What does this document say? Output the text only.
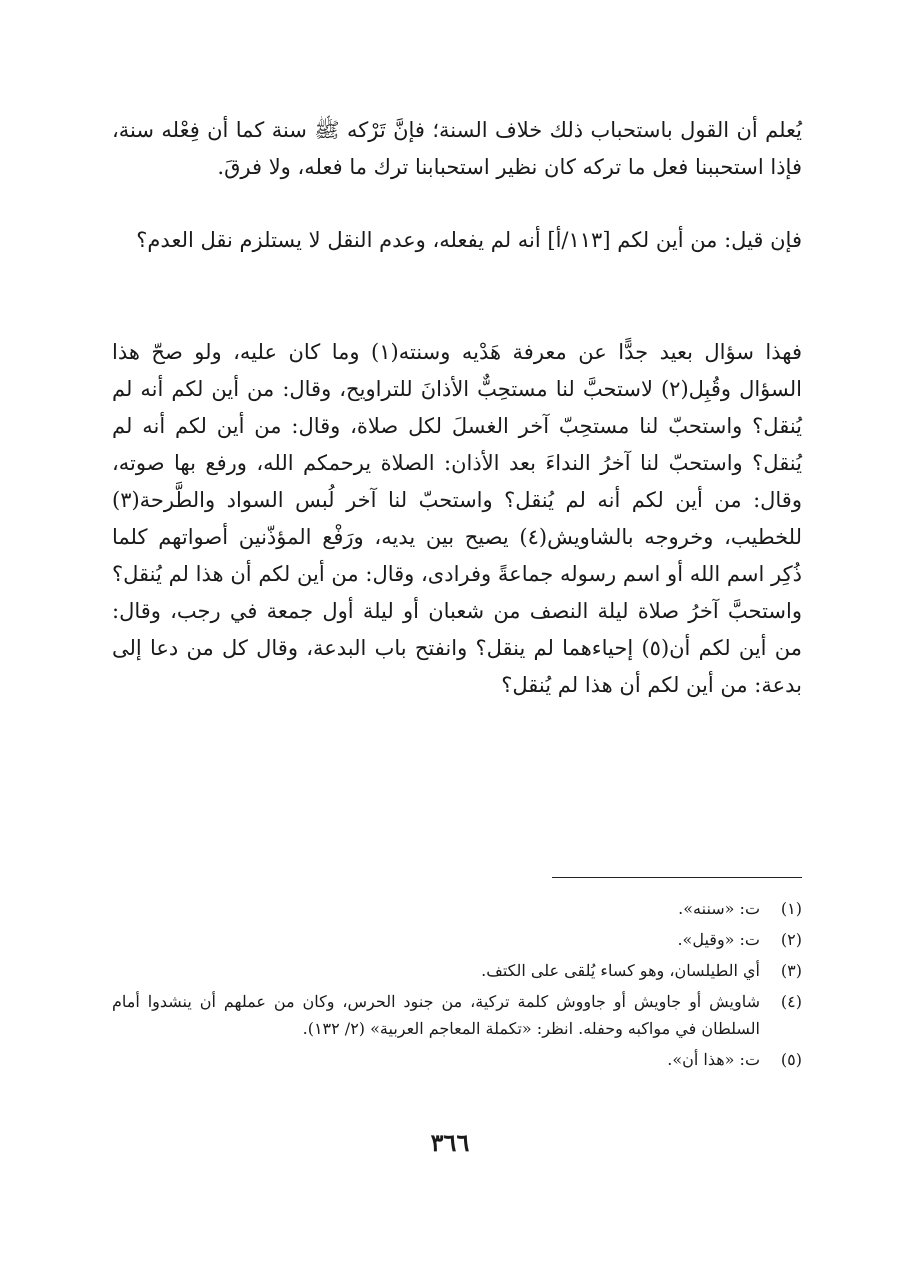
يُعلم أن القول باستحباب ذلك خلاف السنة؛ فإنَّ تَرْكه ﷺ سنة كما أن فِعْله سنة، فإذا استحببنا فعل ما تركه كان نظير استحبابنا ترك ما فعله، ولا فرقَ.

فإن قيل: من أين لكم [١١٣/أ] أنه لم يفعله، وعدم النقل لا يستلزم نقل العدم؟

فهذا سؤال بعيد جدًّا عن معرفة هَدْيه وسنته(١) وما كان عليه، ولو صحّ هذا السؤال وقُبِل(٢) لاستحبَّ لنا مستحِبٌّ الأذانَ للتراويح، وقال: من أين لكم أنه لم يُنقل؟ واستحبّ لنا مستحِبّ آخر الغسلَ لكل صلاة، وقال: من أين لكم أنه لم يُنقل؟ واستحبّ لنا آخرُ النداءَ بعد الأذان: الصلاة يرحمكم الله، ورفع بها صوته، وقال: من أين لكم أنه لم يُنقل؟ واستحبّ لنا آخر لُبس السواد والطَّرحة(٣) للخطيب، وخروجه بالشاويش(٤) يصيح بين يديه، ورَفْع المؤذّنين أصواتهم كلما ذُكِر اسم الله أو اسم رسوله جماعةً وفرادى، وقال: من أين لكم أن هذا لم يُنقل؟ واستحبَّ آخرُ صلاة ليلة النصف من شعبان أو ليلة أول جمعة في رجب، وقال: من أين لكم أن(٥) إحياءهما لم ينقل؟ وانفتح باب البدعة، وقال كل من دعا إلى بدعة: من أين لكم أن هذا لم يُنقل؟

(١)
ت: «سننه».
(٢)
ت: «وقيل».
(٣)
أي الطيلسان، وهو كساء يُلقى على الكتف.
(٤)
شاويش أو جاويش أو جاووش كلمة تركية، من جنود الحرس، وكان من عملهم أن ينشدوا أمام السلطان في مواكبه وحفله. انظر: «تكملة المعاجم العربية» (٢/ ١٣٢).
(٥)
ت: «هذا أن».
٣٦٦
